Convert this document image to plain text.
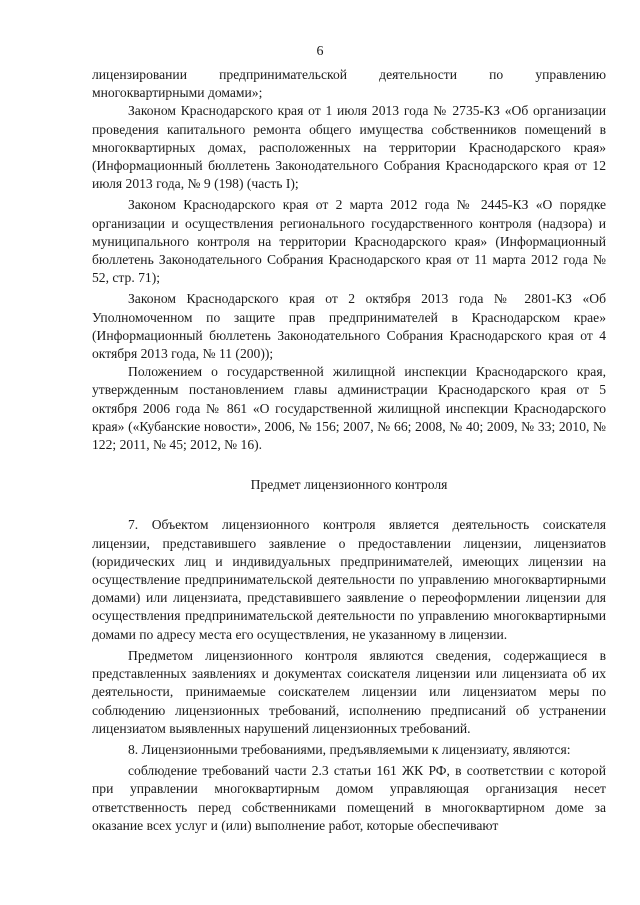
6

лицензировании предпринимательской деятельности по управлению многоквартирными домами»;

Законом Краснодарского края от 1 июля 2013 года № 2735-КЗ «Об организации проведения капитального ремонта общего имущества собственников помещений в многоквартирных домах, расположенных на территории Краснодарского края» (Информационный бюллетень Законодательного Собрания Краснодарского края от 12 июля 2013 года, № 9 (198) (часть I);

Законом Краснодарского края от 2 марта 2012 года № 2445-КЗ «О порядке организации и осуществления регионального государственного контроля (надзора) и муниципального контроля на территории Краснодарского края» (Информационный бюллетень Законодательного Собрания Краснодарского края от 11 марта 2012 года № 52, стр. 71);

Законом Краснодарского края от 2 октября 2013 года № 2801-КЗ «Об Уполномоченном по защите прав предпринимателей в Краснодарском крае» (Информационный бюллетень Законодательного Собрания Краснодарского края от 4 октября 2013 года, № 11 (200));

Положением о государственной жилищной инспекции Краснодарского края, утвержденным постановлением главы администрации Краснодарского края от 5 октября 2006 года № 861 «О государственной жилищной инспекции Краснодарского края» («Кубанские новости», 2006, № 156; 2007, № 66; 2008, № 40; 2009, № 33; 2010, № 122; 2011, № 45; 2012, № 16).

Предмет лицензионного контроля

7. Объектом лицензионного контроля является деятельность соискателя лицензии, представившего заявление о предоставлении лицензии, лицензиатов (юридических лиц и индивидуальных предпринимателей, имеющих лицензии на осуществление предпринимательской деятельности по управлению многоквартирными домами) или лицензиата, представившего заявление о переоформлении лицензии для осуществления предпринимательской деятельности по управлению многоквартирными домами по адресу места его осуществления, не указанному в лицензии.

Предметом лицензионного контроля являются сведения, содержащиеся в представленных заявлениях и документах соискателя лицензии или лицензиата об их деятельности, принимаемые соискателем лицензии или лицензиатом меры по соблюдению лицензионных требований, исполнению предписаний об устранении лицензиатом выявленных нарушений лицензионных требований.

8. Лицензионными требованиями, предъявляемыми к лицензиату, являются:

соблюдение требований части 2.3 статьи 161 ЖК РФ, в соответствии с которой при управлении многоквартирным домом управляющая организация несет ответственность перед собственниками помещений в многоквартирном доме за оказание всех услуг и (или) выполнение работ, которые обеспечивают
